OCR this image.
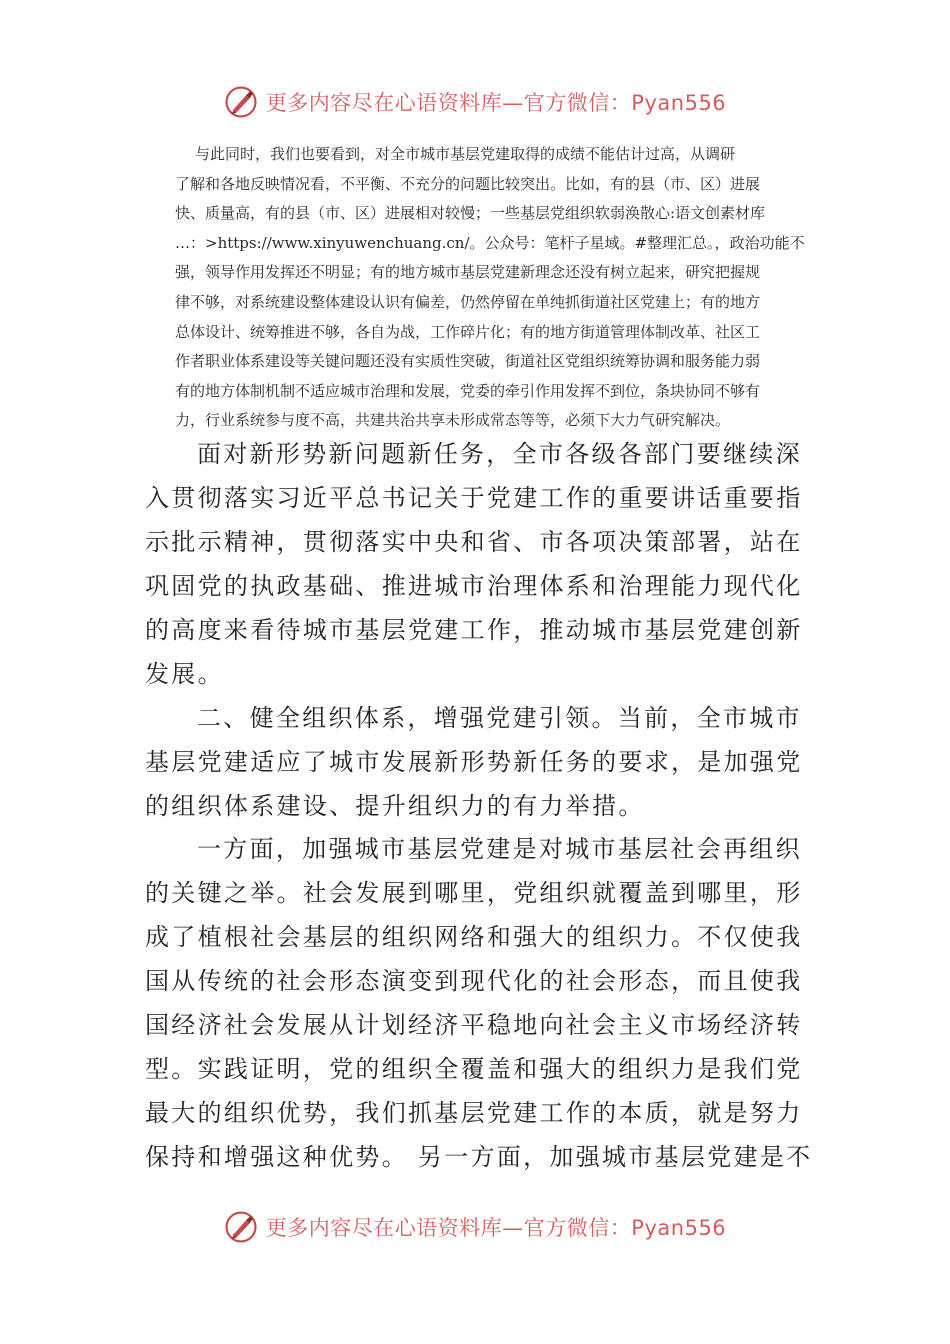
更多内容尽在心语资料库—官方微信：Pyan556
与此同时，我们也要看到，对全市城市基层党建取得的成绩不能估计过高，从调研
了解和各地反映情况看，不平衡、不充分的问题比较突出。比如，有的县（市、区）进展
快、质量高，有的县（市、区）进展相对较慢；一些基层党组织软弱涣散心:语文创素材库
…：>https://www.xinyuwenchuang.cn/。公众号：笔杆子星域。#整理汇总。，政治功能不
强，领导作用发挥还不明显；有的地方城市基层党建新理念还没有树立起来，研究把握规
律不够，对系统建设整体建设认识有偏差，仍然停留在单纯抓街道社区党建上；有的地方
总体设计、统筹推进不够，各自为战，工作碎片化；有的地方街道管理体制改革、社区工
作者职业体系建设等关键问题还没有实质性突破，街道社区党组织统筹协调和服务能力弱
有的地方体制机制不适应城市治理和发展，党委的牵引作用发挥不到位，条块协同不够有
力，行业系统参与度不高，共建共治共享未形成常态等等，必须下大力气研究解决。
面对新形势新问题新任务，全市各级各部门要继续深
入贯彻落实习近平总书记关于党建工作的重要讲话重要指
示批示精神，贯彻落实中央和省、市各项决策部署，站在
巩固党的执政基础、推进城市治理体系和治理能力现代化
的高度来看待城市基层党建工作，推动城市基层党建创新
发展。
二、健全组织体系，增强党建引领。当前，全市城市
基层党建适应了城市发展新形势新任务的要求，是加强党
的组织体系建设、提升组织力的有力举措。
一方面，加强城市基层党建是对城市基层社会再组织
的关键之举。社会发展到哪里，党组织就覆盖到哪里，形
成了植根社会基层的组织网络和强大的组织力。不仅使我
国从传统的社会形态演变到现代化的社会形态，而且使我
国经济社会发展从计划经济平稳地向社会主义市场经济转
型。实践证明，党的组织全覆盖和强大的组织力是我们党
最大的组织优势，我们抓基层党建工作的本质，就是努力
保持和增强这种优势。 另一方面，加强城市基层党建是不
更多内容尽在心语资料库—官方微信：Pyan556
